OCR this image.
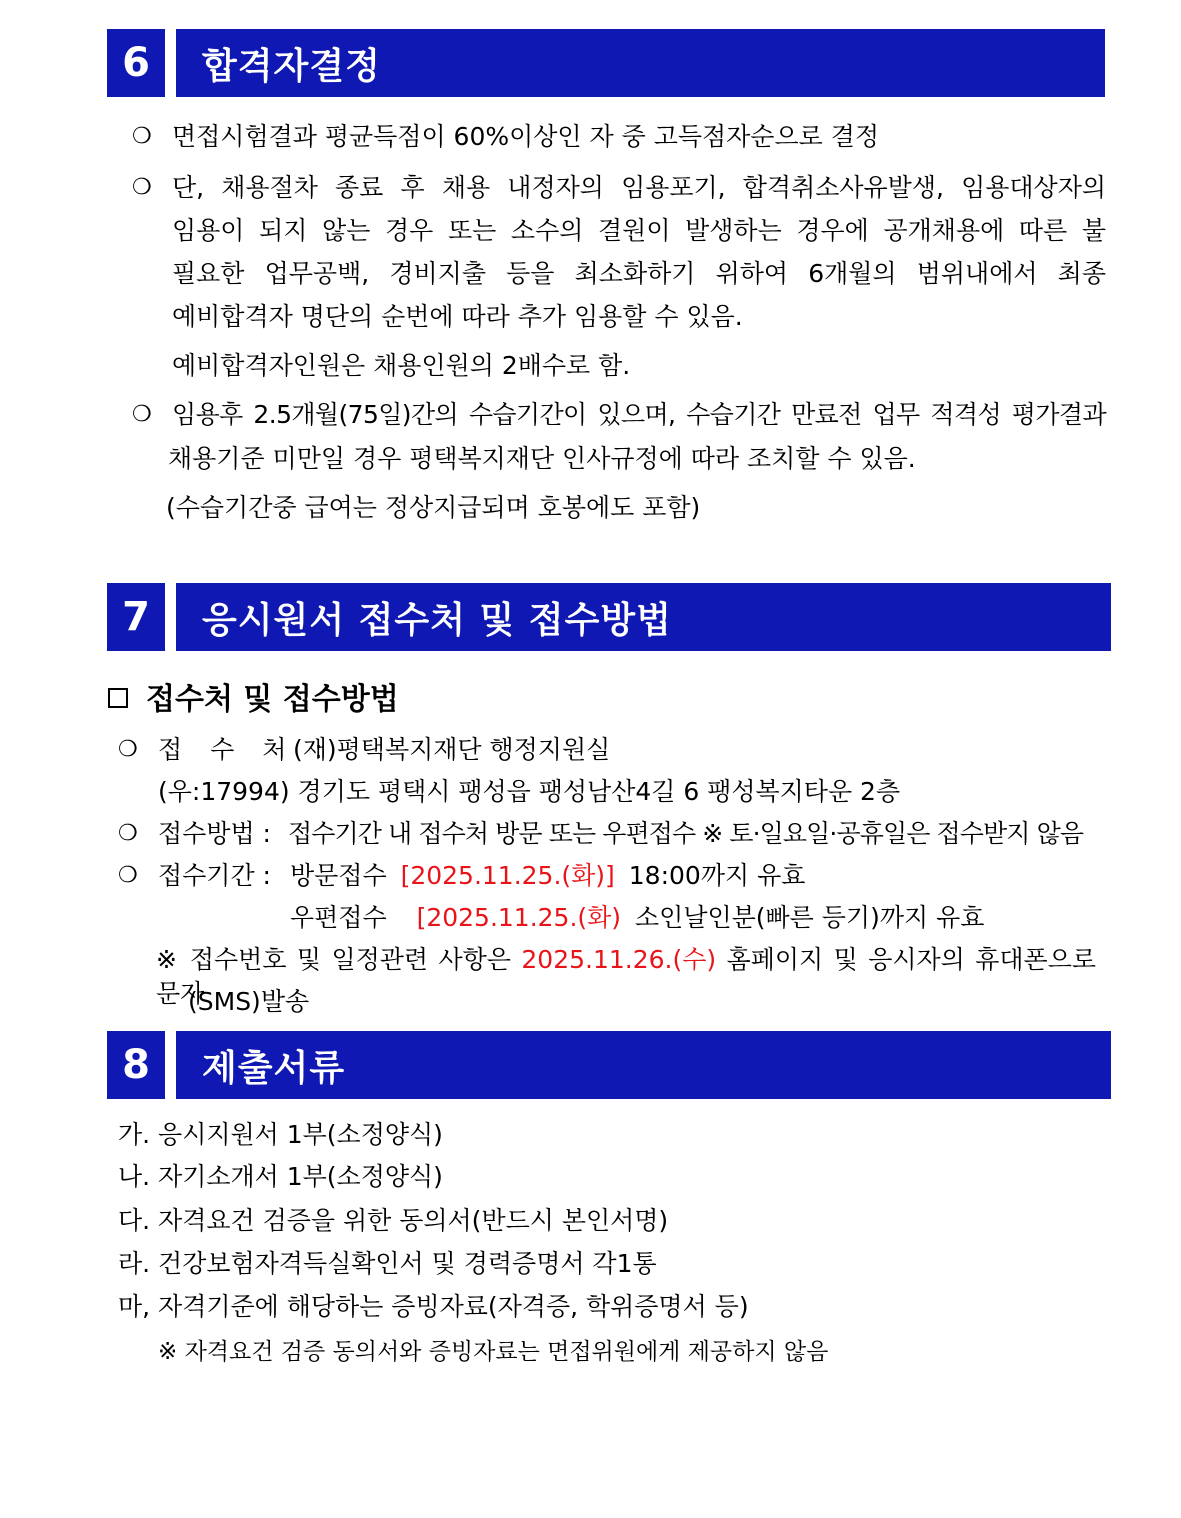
6	합격자결정
❍ 면접시험결과 평균득점이 60%이상인 자 중 고득점자순으로 결정
❍ 단, 채용절차 종료 후 채용 내정자의 임용포기, 합격취소사유발생, 임용대상자의
임용이 되지 않는 경우 또는 소수의 결원이 발생하는 경우에 공개채용에 따른 불
필요한 업무공백, 경비지출 등을 최소화하기 위하여 6개월의 범위내에서 최종
예비합격자 명단의 순번에 따라 추가 임용할 수 있음.
예비합격자인원은 채용인원의 2배수로 함.
❍ 임용후 2.5개월(75일)간의 수습기간이 있으며, 수습기간 만료전 업무 적격성 평가결과
채용기준 미만일 경우 평택복지재단 인사규정에 따라 조치할 수 있음.
(수습기간중 급여는 정상지급되며 호봉에도 포함)
7	응시원서 접수처 및 접수방법
접수처 및 접수방법
❍ 접 수 처 :
(재)평택복지재단 행정지원실
(우:17994) 경기도 평택시 팽성읍 팽성남산4길 6 팽성복지타운 2층
❍ 접수방법 : 접수기간 내 접수처 방문 또는 우편접수 ※ 토·일요일·공휴일은 접수받지 않음
❍ 접수기간 : 방문접수 [2025.11.25.(화)] 18:00까지 유효
우편접수 [2025.11.25.(화) 소인날인분(빠른 등기)까지 유효
※ 접수번호 및 일정관련 사항은 2025.11.26.(수) 홈페이지 및 응시자의 휴대폰으로 문자
(SMS)발송
8	제출서류
가. 응시지원서 1부(소정양식)
나. 자기소개서 1부(소정양식)
다. 자격요건 검증을 위한 동의서(반드시 본인서명)
라. 건강보험자격득실확인서 및 경력증명서 각1통
마, 자격기준에 해당하는 증빙자료(자격증, 학위증명서 등)
※ 자격요건 검증 동의서와 증빙자료는 면접위원에게 제공하지 않음
